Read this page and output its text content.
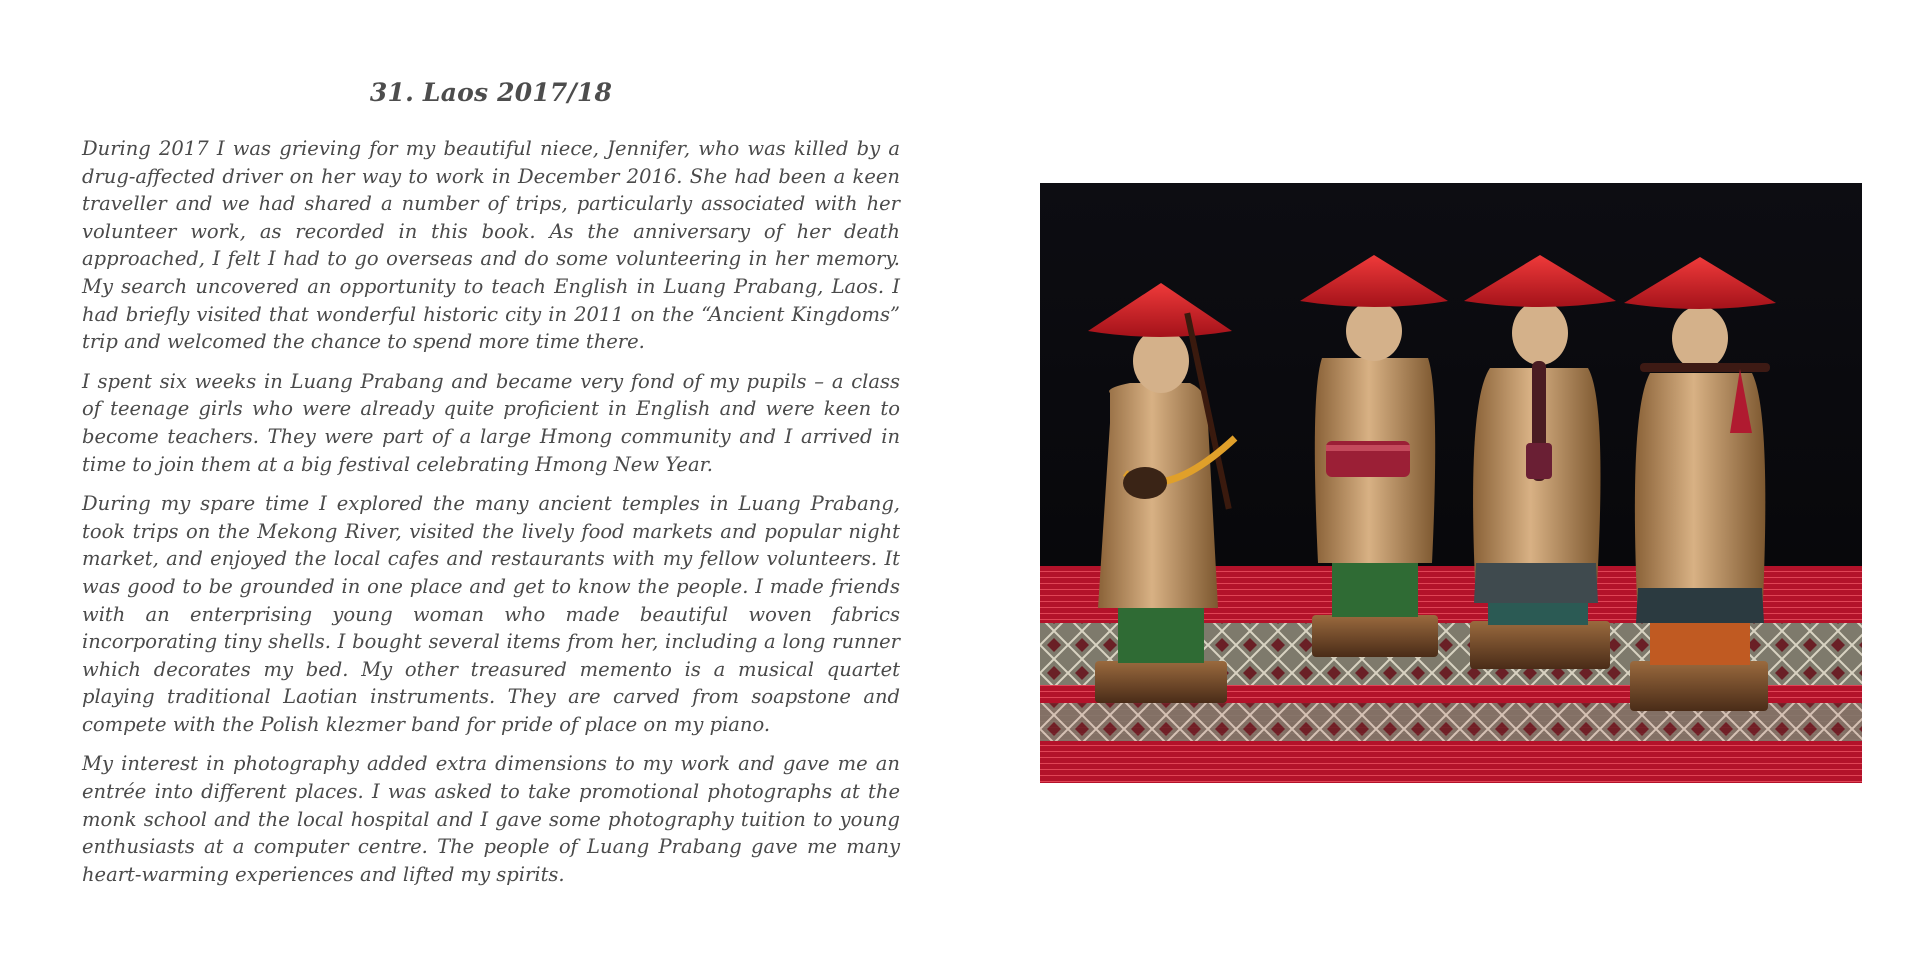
31. Laos 2017/18

During 2017 I was grieving for my beautiful niece, Jennifer, who was killed by a drug-affected driver on her way to work in December 2016. She had been a keen traveller and we had shared a number of trips, particularly associated with her volunteer work, as recorded in this book. As the anniversary of her death approached, I felt I had to go overseas and do some volunteering in her memory. My search uncovered an opportunity to teach English in Luang Prabang, Laos. I had briefly visited that wonderful historic city in 2011 on the “Ancient Kingdoms” trip and welcomed the chance to spend more time there.

I spent six weeks in Luang Prabang and became very fond of my pupils – a class of teenage girls who were already quite proficient in English and were keen to become teachers. They were part of a large Hmong community and I arrived in time to join them at a big festival celebrating Hmong New Year.

During my spare time I explored the many ancient temples in Luang Prabang, took trips on the Mekong River, visited the lively food markets and popular night market, and enjoyed the local cafes and restaurants with my fellow volunteers. It was good to be grounded in one place and get to know the people. I made friends with an enterprising young woman who made beautiful woven fabrics incorporating tiny shells. I bought several items from her, including a long runner which decorates my bed. My other treasured memento is a musical quartet playing traditional Laotian instruments. They are carved from soapstone and compete with the Polish klezmer band for pride of place on my piano.

My interest in photography added extra dimensions to my work and gave me an entrée into different places. I was asked to take promotional photographs at the monk school and the local hospital and I gave some photography tuition to young enthusiasts at a computer centre. The people of Luang Prabang gave me many heart-warming experiences and lifted my spirits.
